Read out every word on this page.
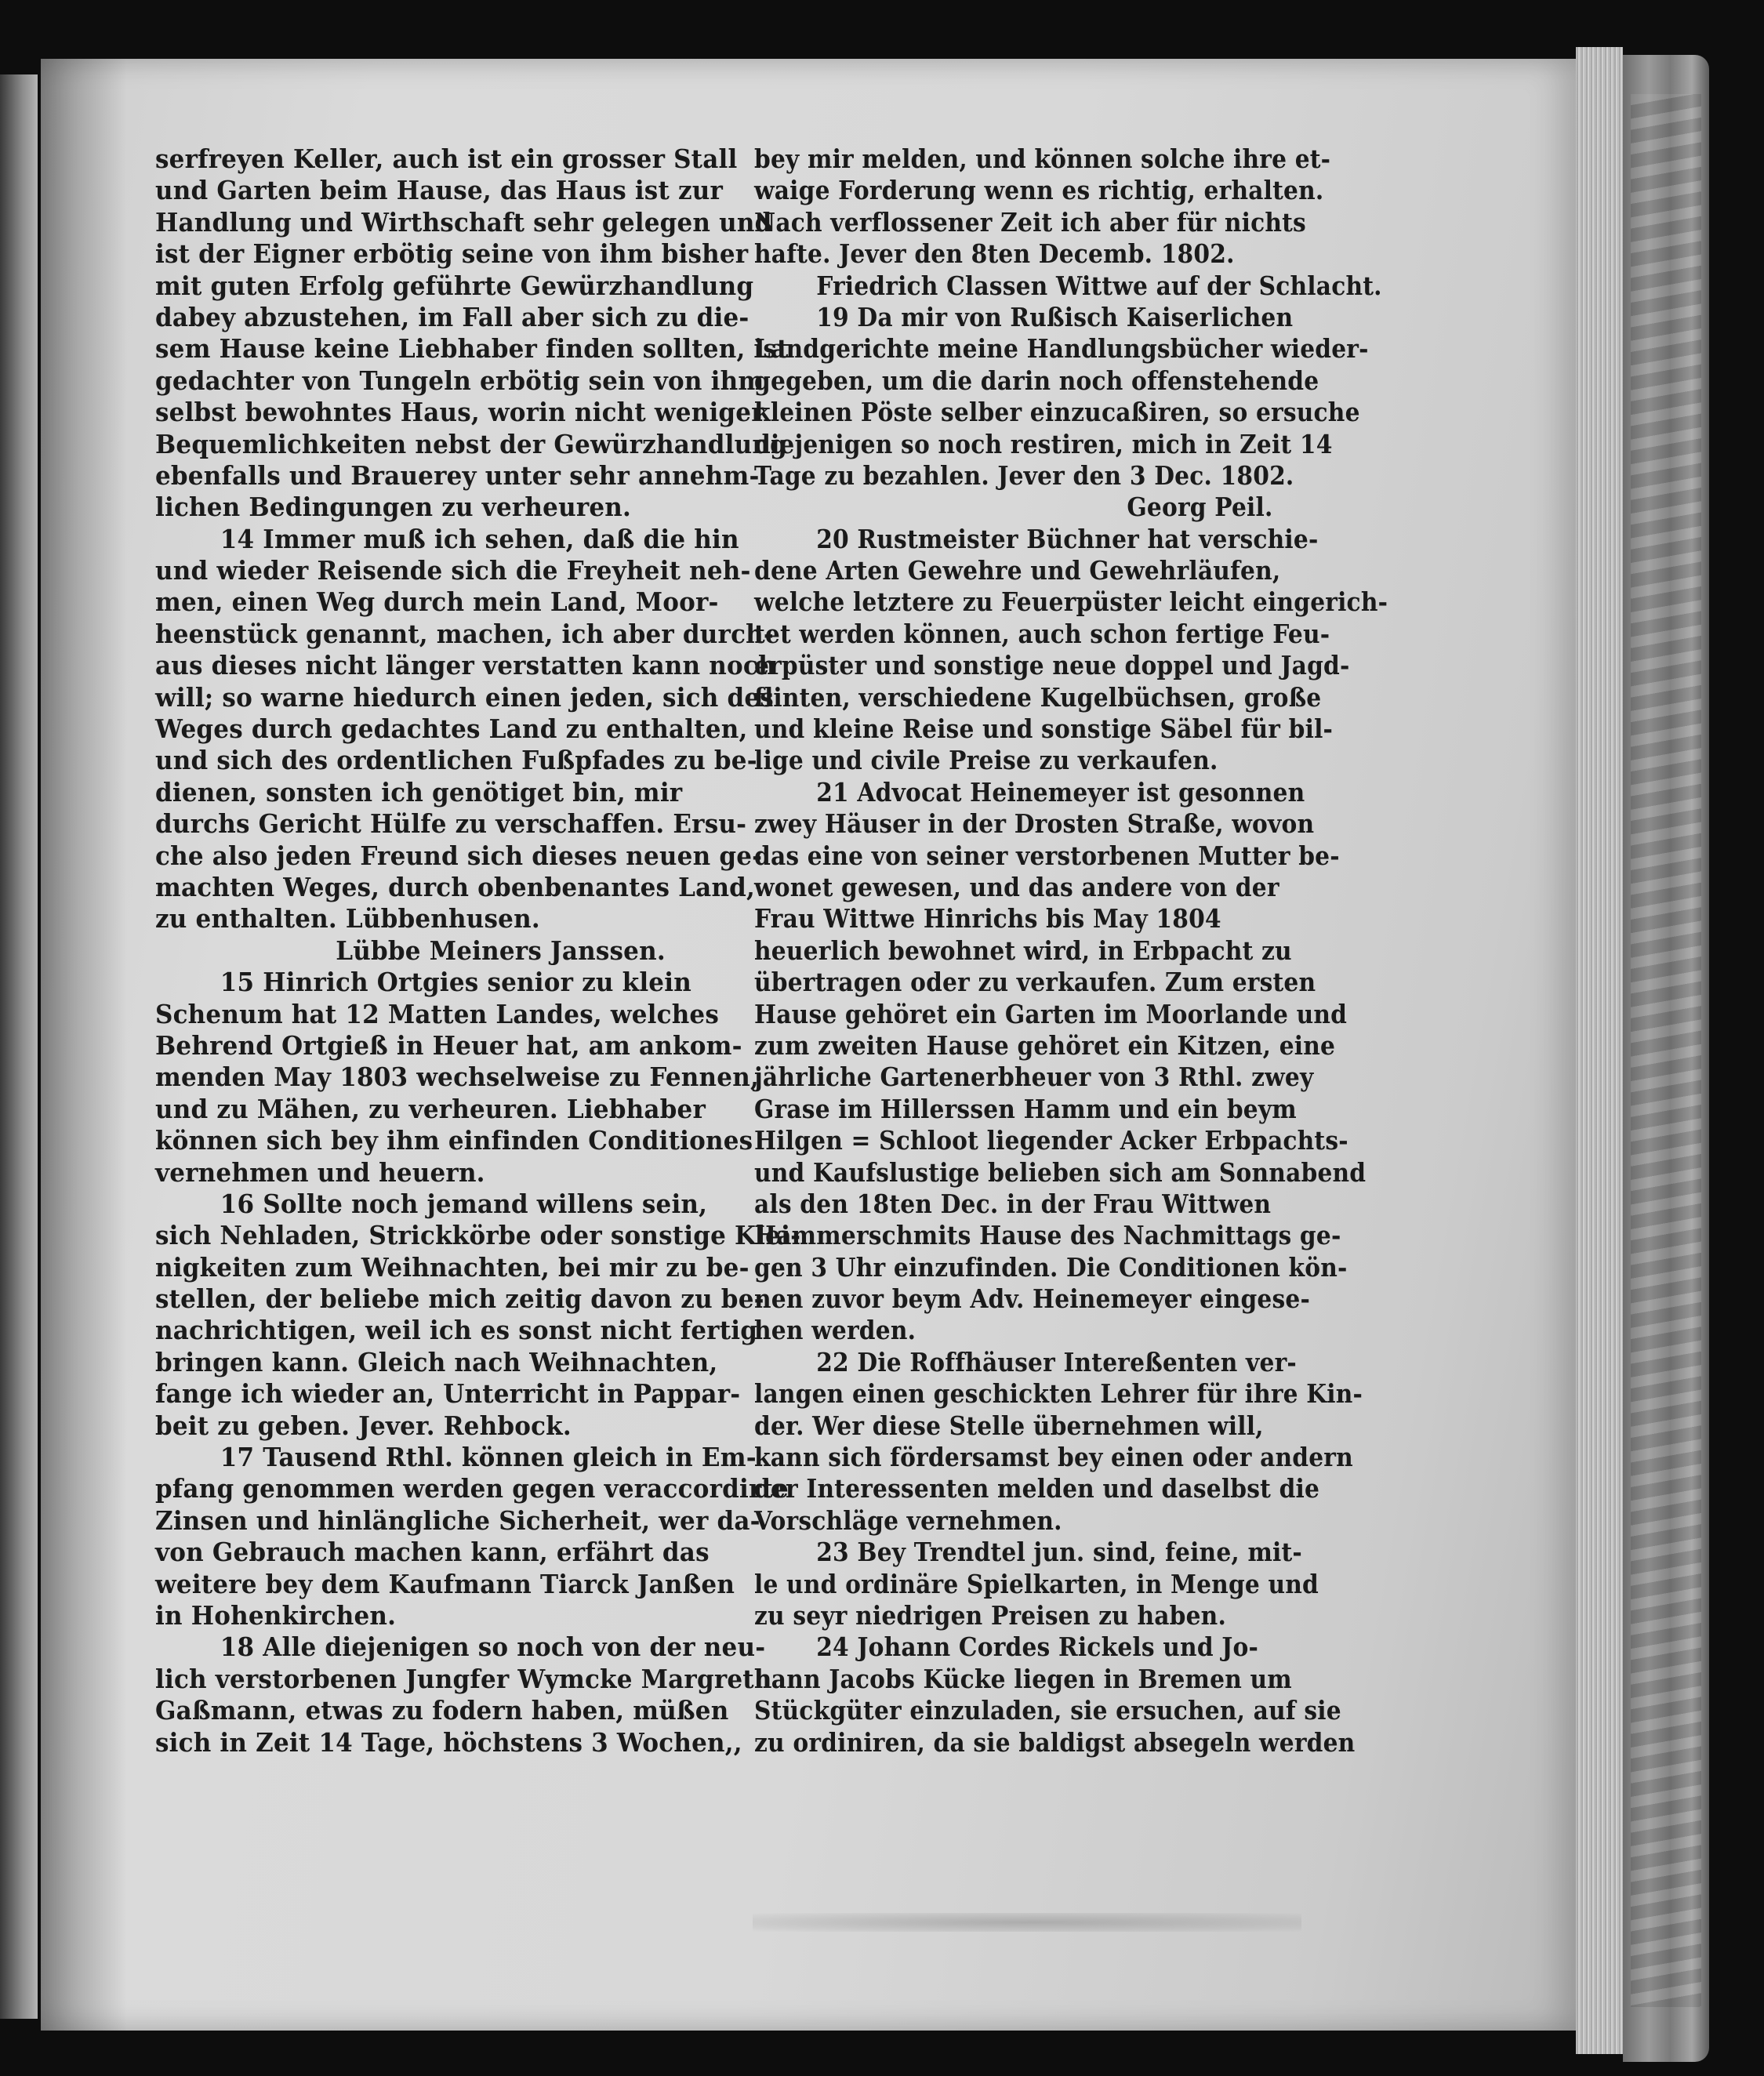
serfreyen Keller, auch ist ein grosser Stall
und Garten beim Hause, das Haus ist zur
Handlung und Wirthschaft sehr gelegen und
ist der Eigner erbötig seine von ihm bisher
mit guten Erfolg geführte Gewürzhandlung
dabey abzustehen, im Fall aber sich zu die-
sem Hause keine Liebhaber finden sollten, ist
gedachter von Tungeln erbötig sein von ihm
selbst bewohntes Haus, worin nicht weniger
Bequemlichkeiten nebst der Gewürzhandlung
ebenfalls und Brauerey unter sehr annehm-
lichen Bedingungen zu verheuren.
14 Immer muß ich sehen, daß die hin
und wieder Reisende sich die Freyheit neh-
men, einen Weg durch mein Land, Moor-
heenstück genannt, machen, ich aber durch-
aus dieses nicht länger verstatten kann noch
will; so warne hiedurch einen jeden, sich des
Weges durch gedachtes Land zu enthalten,
und sich des ordentlichen Fußpfades zu be-
dienen, sonsten ich genötiget bin, mir
durchs Gericht Hülfe zu verschaffen. Ersu-
che also jeden Freund sich dieses neuen ge-
machten Weges, durch obenbenantes Land,
zu enthalten. Lübbenhusen.
Lübbe Meiners Janssen.
15 Hinrich Ortgies senior zu klein
Schenum hat 12 Matten Landes, welches
Behrend Ortgieß in Heuer hat, am ankom-
menden May 1803 wechselweise zu Fennen,
und zu Mähen, zu verheuren. Liebhaber
können sich bey ihm einfinden Conditiones
vernehmen und heuern.
16 Sollte noch jemand willens sein,
sich Nehladen, Strickkörbe oder sonstige Klei-
nigkeiten zum Weihnachten, bei mir zu be-
stellen, der beliebe mich zeitig davon zu be-
nachrichtigen, weil ich es sonst nicht fertig
bringen kann. Gleich nach Weihnachten,
fange ich wieder an, Unterricht in Pappar-
beit zu geben. Jever. Rehbock.
17 Tausend Rthl. können gleich in Em-
pfang genommen werden gegen veraccordirte
Zinsen und hinlängliche Sicherheit, wer da-
von Gebrauch machen kann, erfährt das
weitere bey dem Kaufmann Tiarck Janßen
in Hohenkirchen.
18 Alle diejenigen so noch von der neu-
lich verstorbenen Jungfer Wymcke Margreth
Gaßmann, etwas zu fodern haben, müßen
sich in Zeit 14 Tage, höchstens 3 Wochen,,
bey mir melden, und können solche ihre et-
waige Forderung wenn es richtig, erhalten.
Nach verflossener Zeit ich aber für nichts
hafte. Jever den 8ten Decemb. 1802.
Friedrich Classen Wittwe auf der Schlacht.
19 Da mir von Rußisch Kaiserlichen
Landgerichte meine Handlungsbücher wieder-
gegeben, um die darin noch offenstehende
kleinen Pöste selber einzucaßiren, so ersuche
diejenigen so noch restiren, mich in Zeit 14
Tage zu bezahlen. Jever den 3 Dec. 1802.
Georg Peil.
20 Rustmeister Büchner hat verschie-
dene Arten Gewehre und Gewehrläufen,
welche letztere zu Feuerpüster leicht eingerich-
tet werden können, auch schon fertige Feu-
erpüster und sonstige neue doppel und Jagd-
flinten, verschiedene Kugelbüchsen, große
und kleine Reise und sonstige Säbel für bil-
lige und civile Preise zu verkaufen.
21 Advocat Heinemeyer ist gesonnen
zwey Häuser in der Drosten Straße, wovon
das eine von seiner verstorbenen Mutter be-
wonet gewesen, und das andere von der
Frau Wittwe Hinrichs bis May 1804
heuerlich bewohnet wird, in Erbpacht zu
übertragen oder zu verkaufen. Zum ersten
Hause gehöret ein Garten im Moorlande und
zum zweiten Hause gehöret ein Kitzen, eine
jährliche Gartenerbheuer von 3 Rthl. zwey
Grase im Hillerssen Hamm und ein beym
Hilgen = Schloot liegender Acker Erbpachts-
und Kaufslustige belieben sich am Sonnabend
als den 18ten Dec. in der Frau Wittwen
Hammerschmits Hause des Nachmittags ge-
gen 3 Uhr einzufinden. Die Conditionen kön-
nen zuvor beym Adv. Heinemeyer eingese-
hen werden.
22 Die Roffhäuser Intereßenten ver-
langen einen geschickten Lehrer für ihre Kin-
der. Wer diese Stelle übernehmen will,
kann sich fördersamst bey einen oder andern
der Interessenten melden und daselbst die
Vorschläge vernehmen.
23 Bey Trendtel jun. sind, feine, mit-
le und ordinäre Spielkarten, in Menge und
zu seyr niedrigen Preisen zu haben.
24 Johann Cordes Rickels und Jo-
hann Jacobs Kücke liegen in Bremen um
Stückgüter einzuladen, sie ersuchen, auf sie
zu ordiniren, da sie baldigst absegeln werden
